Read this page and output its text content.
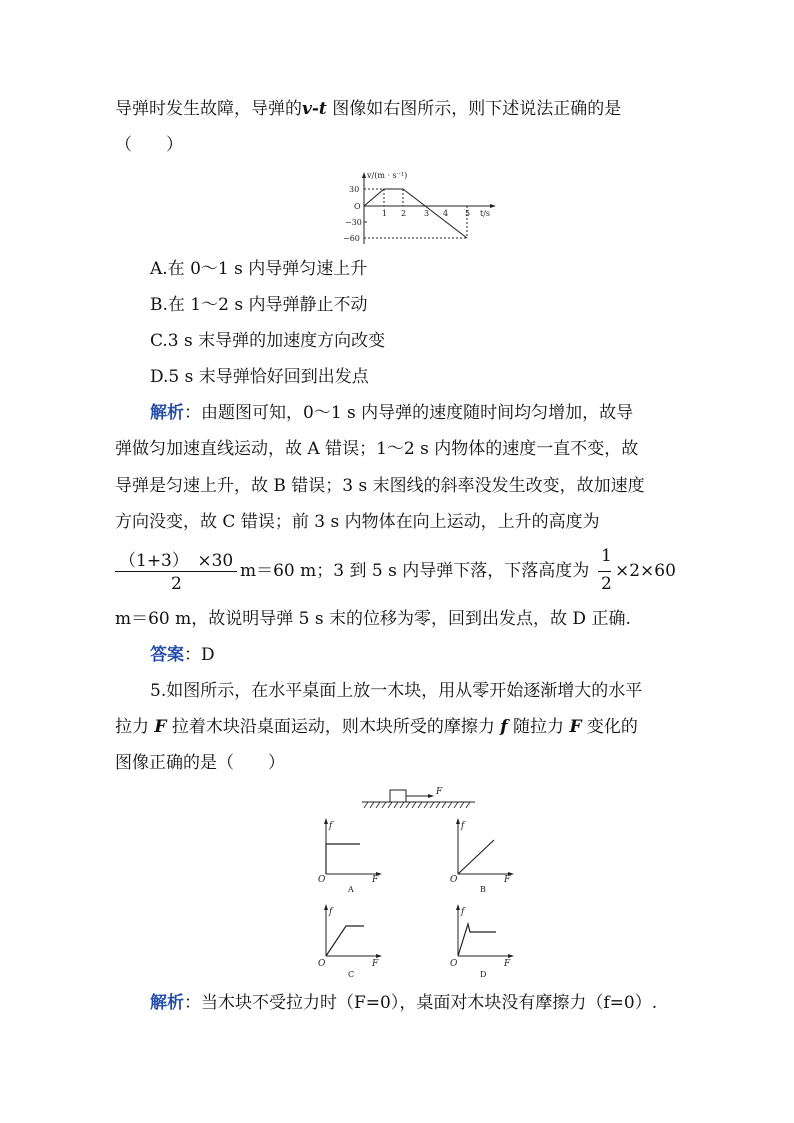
导弹时发生故障，导弹的v-t 图像如右图所示，则下述说法正确的是
（　　）
v/(m · s⁻¹)
t/s
30
O
−30
−60
1 2 3 4 5
A.在 0～1 s 内导弹匀速上升
B.在 1～2 s 内导弹静止不动
C.3 s 末导弹的加速度方向改变
D.5 s 末导弹恰好回到出发点
解析：由题图可知，0～1 s 内导弹的速度随时间均匀增加，故导
弹做匀加速直线运动，故 A 错误；1～2 s 内物体的速度一直不变，故
导弹是匀速上升，故 B 错误；3 s 末图线的斜率没发生改变，故加速度
方向没变，故 C 错误；前 3 s 内物体在向上运动，上升的高度为
（1+3）　×30
2
m＝60 m；3 到 5 s 内导弹下落，下落高度为
1
2
×2×60
m＝60 m，故说明导弹 5 s 末的位移为零，回到出发点，故 D 正确.
答案：D
5.如图所示，在水平桌面上放一木块，用从零开始逐渐增大的水平
拉力 F 拉着木块沿桌面运动，则木块所受的摩擦力 f 随拉力 F 变化的
图像正确的是（　　）
F
f
O	F
A
f
O	F
B
f
O	F
C
f
O	F
D
解析：当木块不受拉力时（F=0），桌面对木块没有摩擦力（f=0）.
